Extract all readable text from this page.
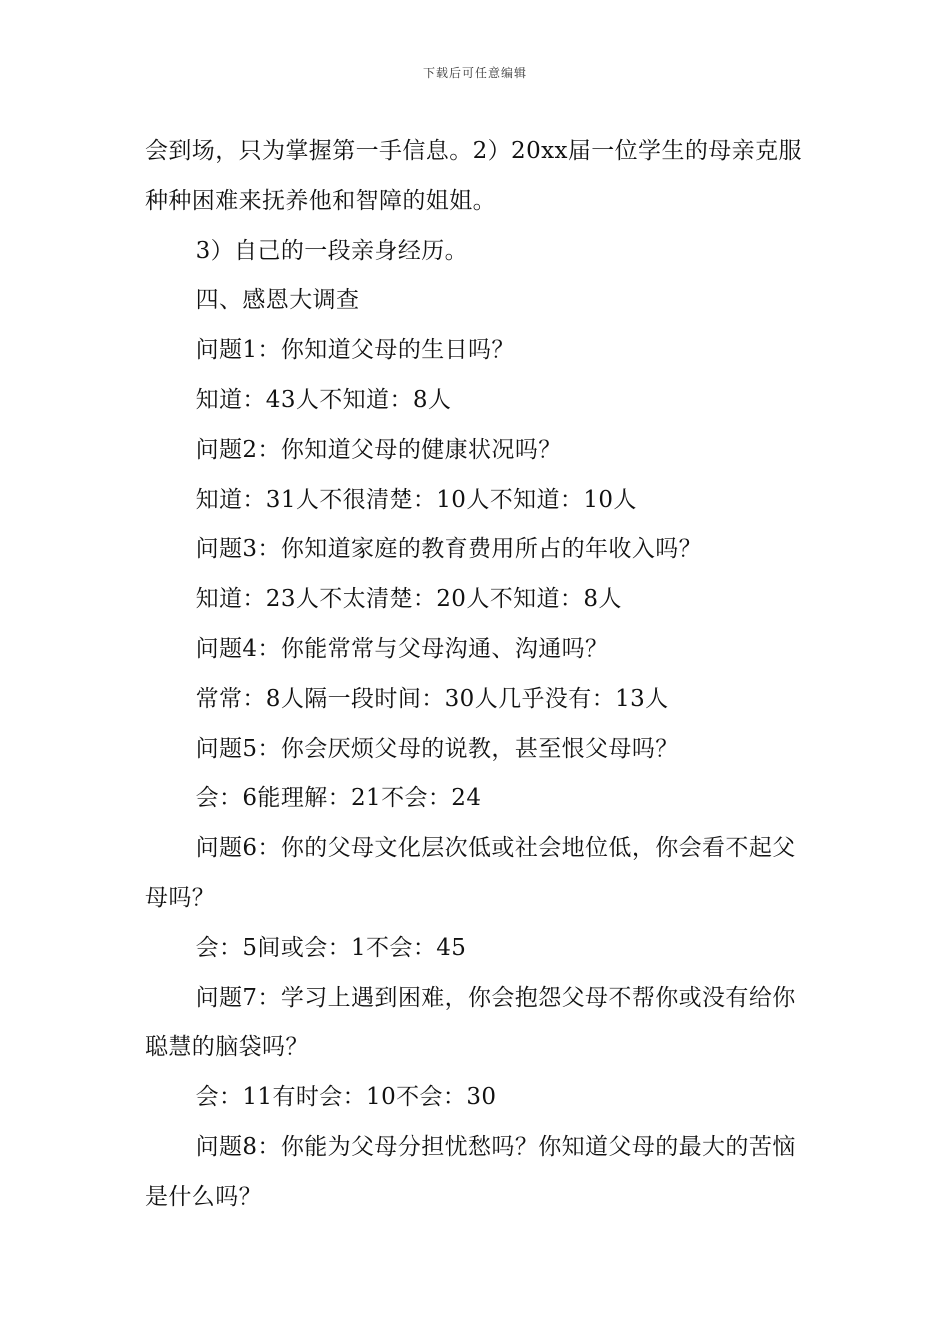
下载后可任意编辑

会到场，只为掌握第一手信息。2）20xx届一位学生的母亲克服种种困难来抚养他和智障的姐姐。

3）自己的一段亲身经历。

四、感恩大调查

问题1：你知道父母的生日吗？

知道：43人不知道：8人

问题2：你知道父母的健康状况吗？

知道：31人不很清楚：10人不知道：10人

问题3：你知道家庭的教育费用所占的年收入吗？

知道：23人不太清楚：20人不知道：8人

问题4：你能常常与父母沟通、沟通吗？

常常：8人隔一段时间：30人几乎没有：13人

问题5：你会厌烦父母的说教，甚至恨父母吗？

会：6能理解：21不会：24

问题6：你的父母文化层次低或社会地位低，你会看不起父母吗？

会：5间或会：1不会：45

问题7：学习上遇到困难，你会抱怨父母不帮你或没有给你聪慧的脑袋吗？

会：11有时会：10不会：30

问题8：你能为父母分担忧愁吗？你知道父母的最大的苦恼是什么吗？
